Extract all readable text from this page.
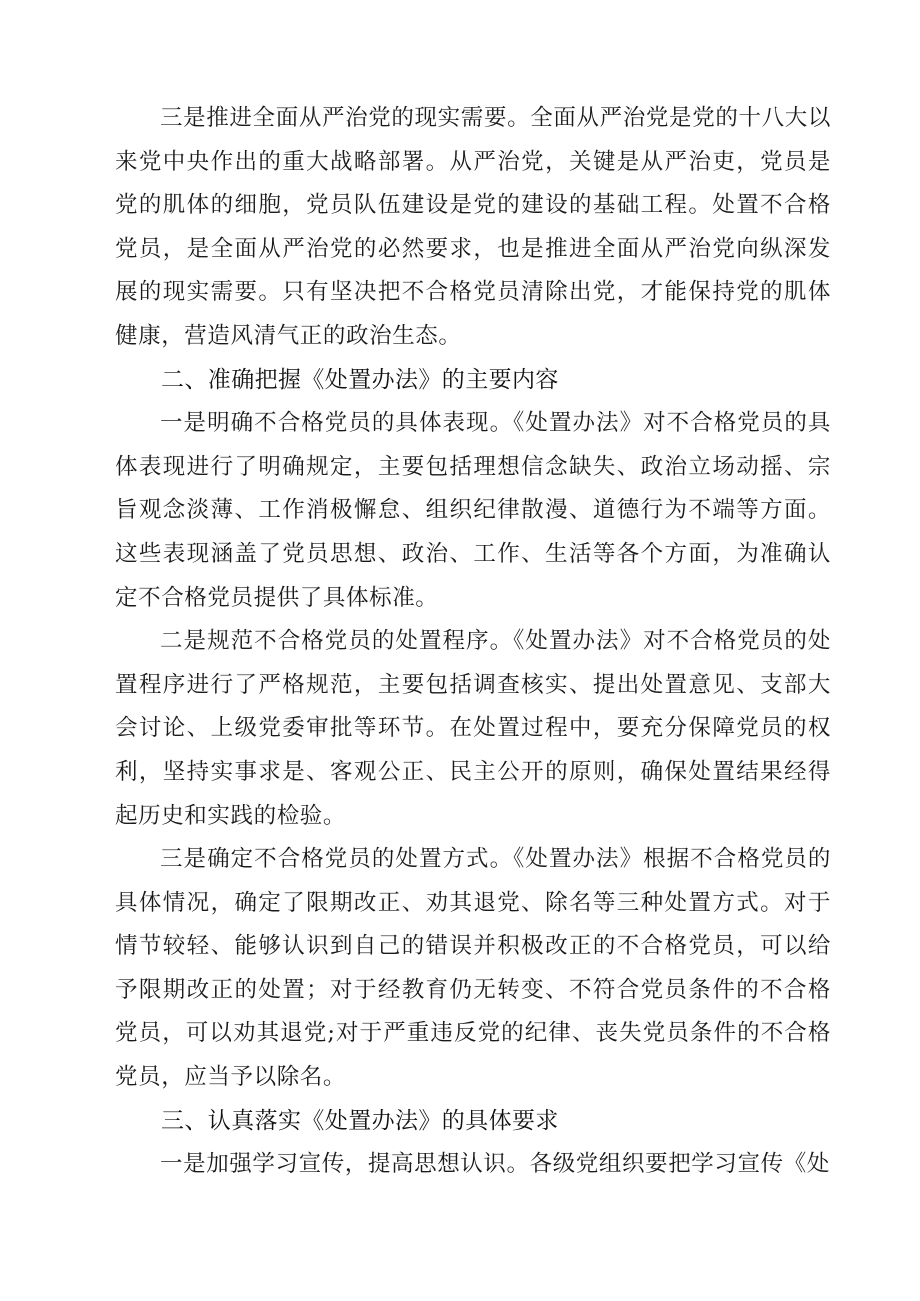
三是推进全面从严治党的现实需要。全面从严治党是党的十八大以来党中央作出的重大战略部署。从严治党，关键是从严治吏，党员是党的肌体的细胞，党员队伍建设是党的建设的基础工程。处置不合格党员，是全面从严治党的必然要求，也是推进全面从严治党向纵深发展的现实需要。只有坚决把不合格党员清除出党，才能保持党的肌体健康，营造风清气正的政治生态。

二、准确把握《处置办法》的主要内容

一是明确不合格党员的具体表现。《处置办法》对不合格党员的具体表现进行了明确规定，主要包括理想信念缺失、政治立场动摇、宗旨观念淡薄、工作消极懈怠、组织纪律散漫、道德行为不端等方面。这些表现涵盖了党员思想、政治、工作、生活等各个方面，为准确认定不合格党员提供了具体标准。

二是规范不合格党员的处置程序。《处置办法》对不合格党员的处置程序进行了严格规范，主要包括调查核实、提出处置意见、支部大会讨论、上级党委审批等环节。在处置过程中，要充分保障党员的权利，坚持实事求是、客观公正、民主公开的原则，确保处置结果经得起历史和实践的检验。

三是确定不合格党员的处置方式。《处置办法》根据不合格党员的具体情况，确定了限期改正、劝其退党、除名等三种处置方式。对于情节较轻、能够认识到自己的错误并积极改正的不合格党员，可以给予限期改正的处置；对于经教育仍无转变、不符合党员条件的不合格党员，可以劝其退党;对于严重违反党的纪律、丧失党员条件的不合格党员，应当予以除名。

三、认真落实《处置办法》的具体要求

一是加强学习宣传，提高思想认识。各级党组织要把学习宣传《处
